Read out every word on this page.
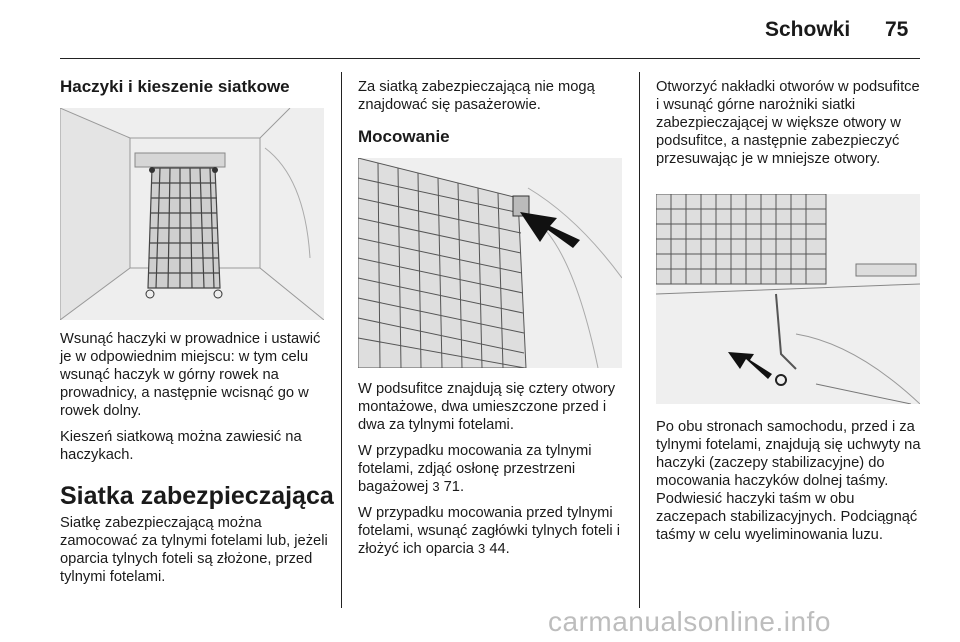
Schowki 75
Haczyki i kieszenie siatkowe

Wsunąć haczyki w prowadnice i ustawić je w odpowiednim miejscu: w tym celu wsunąć haczyk w górny rowek na prowadnicy, a następnie wcisnąć go w rowek dolny.

Kieszeń siatkową można zawiesić na haczykach.

Siatka zabezpieczająca

Siatkę zabezpieczającą można zamocować za tylnymi fotelami lub, jeżeli oparcia tylnych foteli są złożone, przed tylnymi fotelami.

Za siatką zabezpieczającą nie mogą znajdować się pasażerowie.

Mocowanie

W podsufitce znajdują się cztery otwory montażowe, dwa umieszczone przed i dwa za tylnymi fotelami.

W przypadku mocowania za tylnymi fotelami, zdjąć osłonę przestrzeni bagażowej 3 71.

W przypadku mocowania przed tylnymi fotelami, wsunąć zagłówki tylnych foteli i złożyć ich oparcia 3 44.

Otworzyć nakładki otworów w podsufitce i wsunąć górne narożniki siatki zabezpieczającej w większe otwory w podsufitce, a następnie zabezpieczyć przesuwając je w mniejsze otwory.

Po obu stronach samochodu, przed i za tylnymi fotelami, znajdują się uchwyty na haczyki (zaczepy stabilizacyjne) do mocowania haczyków dolnej taśmy. Podwiesić haczyki taśm w obu zaczepach stabilizacyjnych. Podciągnąć taśmy w celu wyeliminowania luzu.

carmanualsonline.info
